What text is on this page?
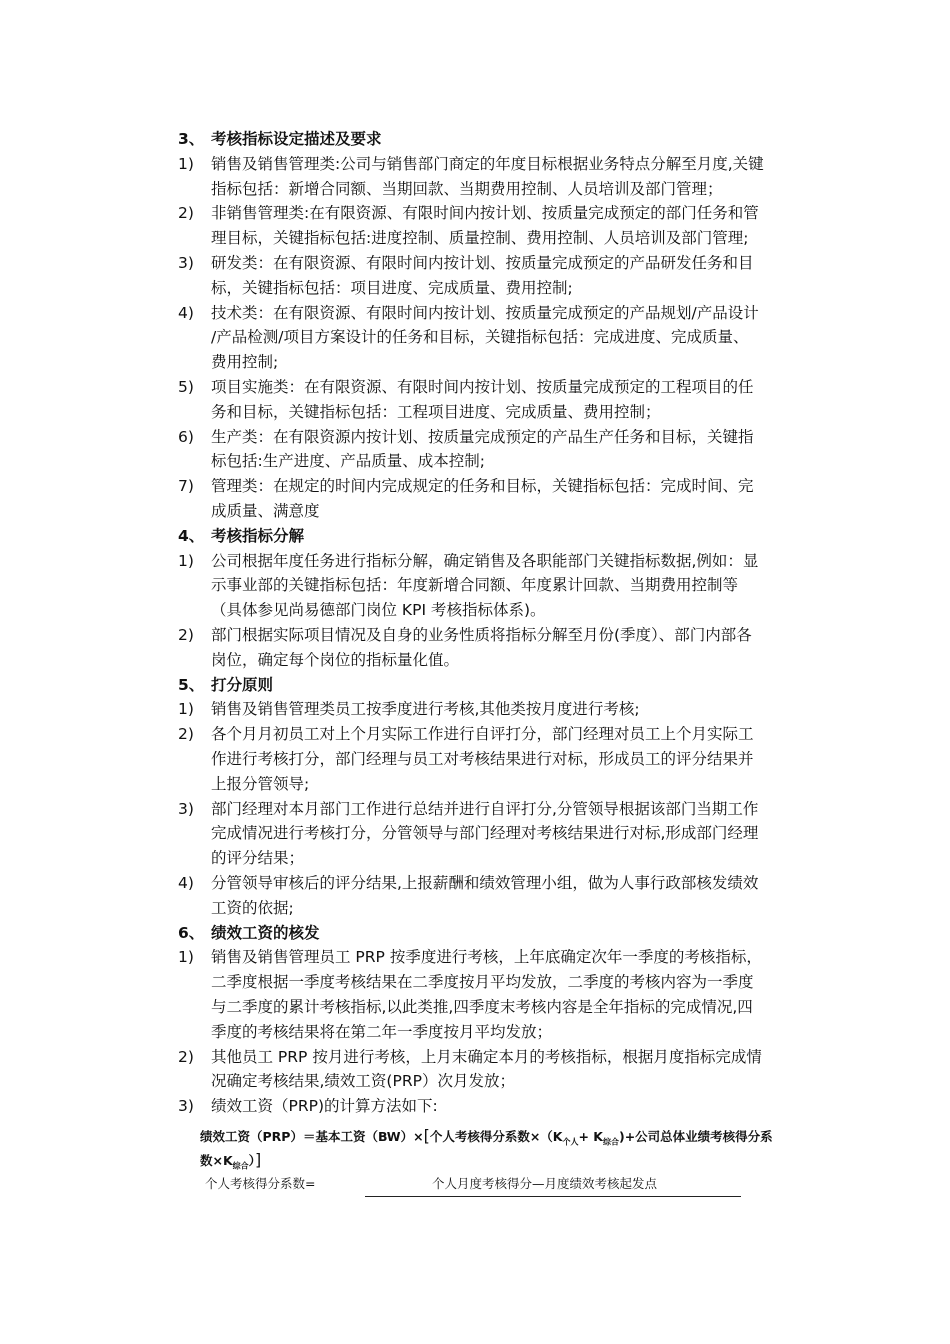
3、 考核指标设定描述及要求
1) 销售及销售管理类:公司与销售部门商定的年度目标根据业务特点分解至月度,关键
指标包括：新增合同额、当期回款、当期费用控制、人员培训及部门管理；
2) 非销售管理类:在有限资源、有限时间内按计划、按质量完成预定的部门任务和管
理目标，关键指标包括:进度控制、质量控制、费用控制、人员培训及部门管理;
3) 研发类：在有限资源、有限时间内按计划、按质量完成预定的产品研发任务和目
标，关键指标包括：项目进度、完成质量、费用控制;
4) 技术类：在有限资源、有限时间内按计划、按质量完成预定的产品规划/产品设计
/产品检测/项目方案设计的任务和目标，关键指标包括：完成进度、完成质量、
费用控制;
5) 项目实施类：在有限资源、有限时间内按计划、按质量完成预定的工程项目的任
务和目标，关键指标包括：工程项目进度、完成质量、费用控制；
6) 生产类：在有限资源内按计划、按质量完成预定的产品生产任务和目标，关键指
标包括:生产进度、产品质量、成本控制;
7) 管理类：在规定的时间内完成规定的任务和目标，关键指标包括：完成时间、完
成质量、满意度
4、 考核指标分解
1) 公司根据年度任务进行指标分解，确定销售及各职能部门关键指标数据,例如：显
示事业部的关键指标包括：年度新增合同额、年度累计回款、当期费用控制等
（具体参见尚易德部门岗位 KPI 考核指标体系)。
2) 部门根据实际项目情况及自身的业务性质将指标分解至月份(季度）、部门内部各
岗位，确定每个岗位的指标量化值。
5、 打分原则
1) 销售及销售管理类员工按季度进行考核,其他类按月度进行考核;
2) 各个月月初员工对上个月实际工作进行自评打分，部门经理对员工上个月实际工
作进行考核打分，部门经理与员工对考核结果进行对标，形成员工的评分结果并
上报分管领导;
3) 部门经理对本月部门工作进行总结并进行自评打分,分管领导根据该部门当期工作
完成情况进行考核打分，分管领导与部门经理对考核结果进行对标,形成部门经理
的评分结果；
4) 分管领导审核后的评分结果,上报薪酬和绩效管理小组，做为人事行政部核发绩效
工资的依据;
6、 绩效工资的核发
1) 销售及销售管理员工 PRP 按季度进行考核，上年底确定次年一季度的考核指标，
二季度根据一季度考核结果在二季度按月平均发放，二季度的考核内容为一季度
与二季度的累计考核指标,以此类推,四季度末考核内容是全年指标的完成情况,四
季度的考核结果将在第二年一季度按月平均发放；
2) 其他员工 PRP 按月进行考核，上月末确定本月的考核指标，根据月度指标完成情
况确定考核结果,绩效工资(PRP）次月发放；
3) 绩效工资（PRP)的计算方法如下:
绩效工资（PRP）＝基本工资（BW）×[个人考核得分系数$\times(K_{个人}+ K_{综合})+$公司总体业绩考核得分系
数$\times K_{综合}$）]
个人考核得分系数=	个人月度考核得分—月度绩效考核起发点
